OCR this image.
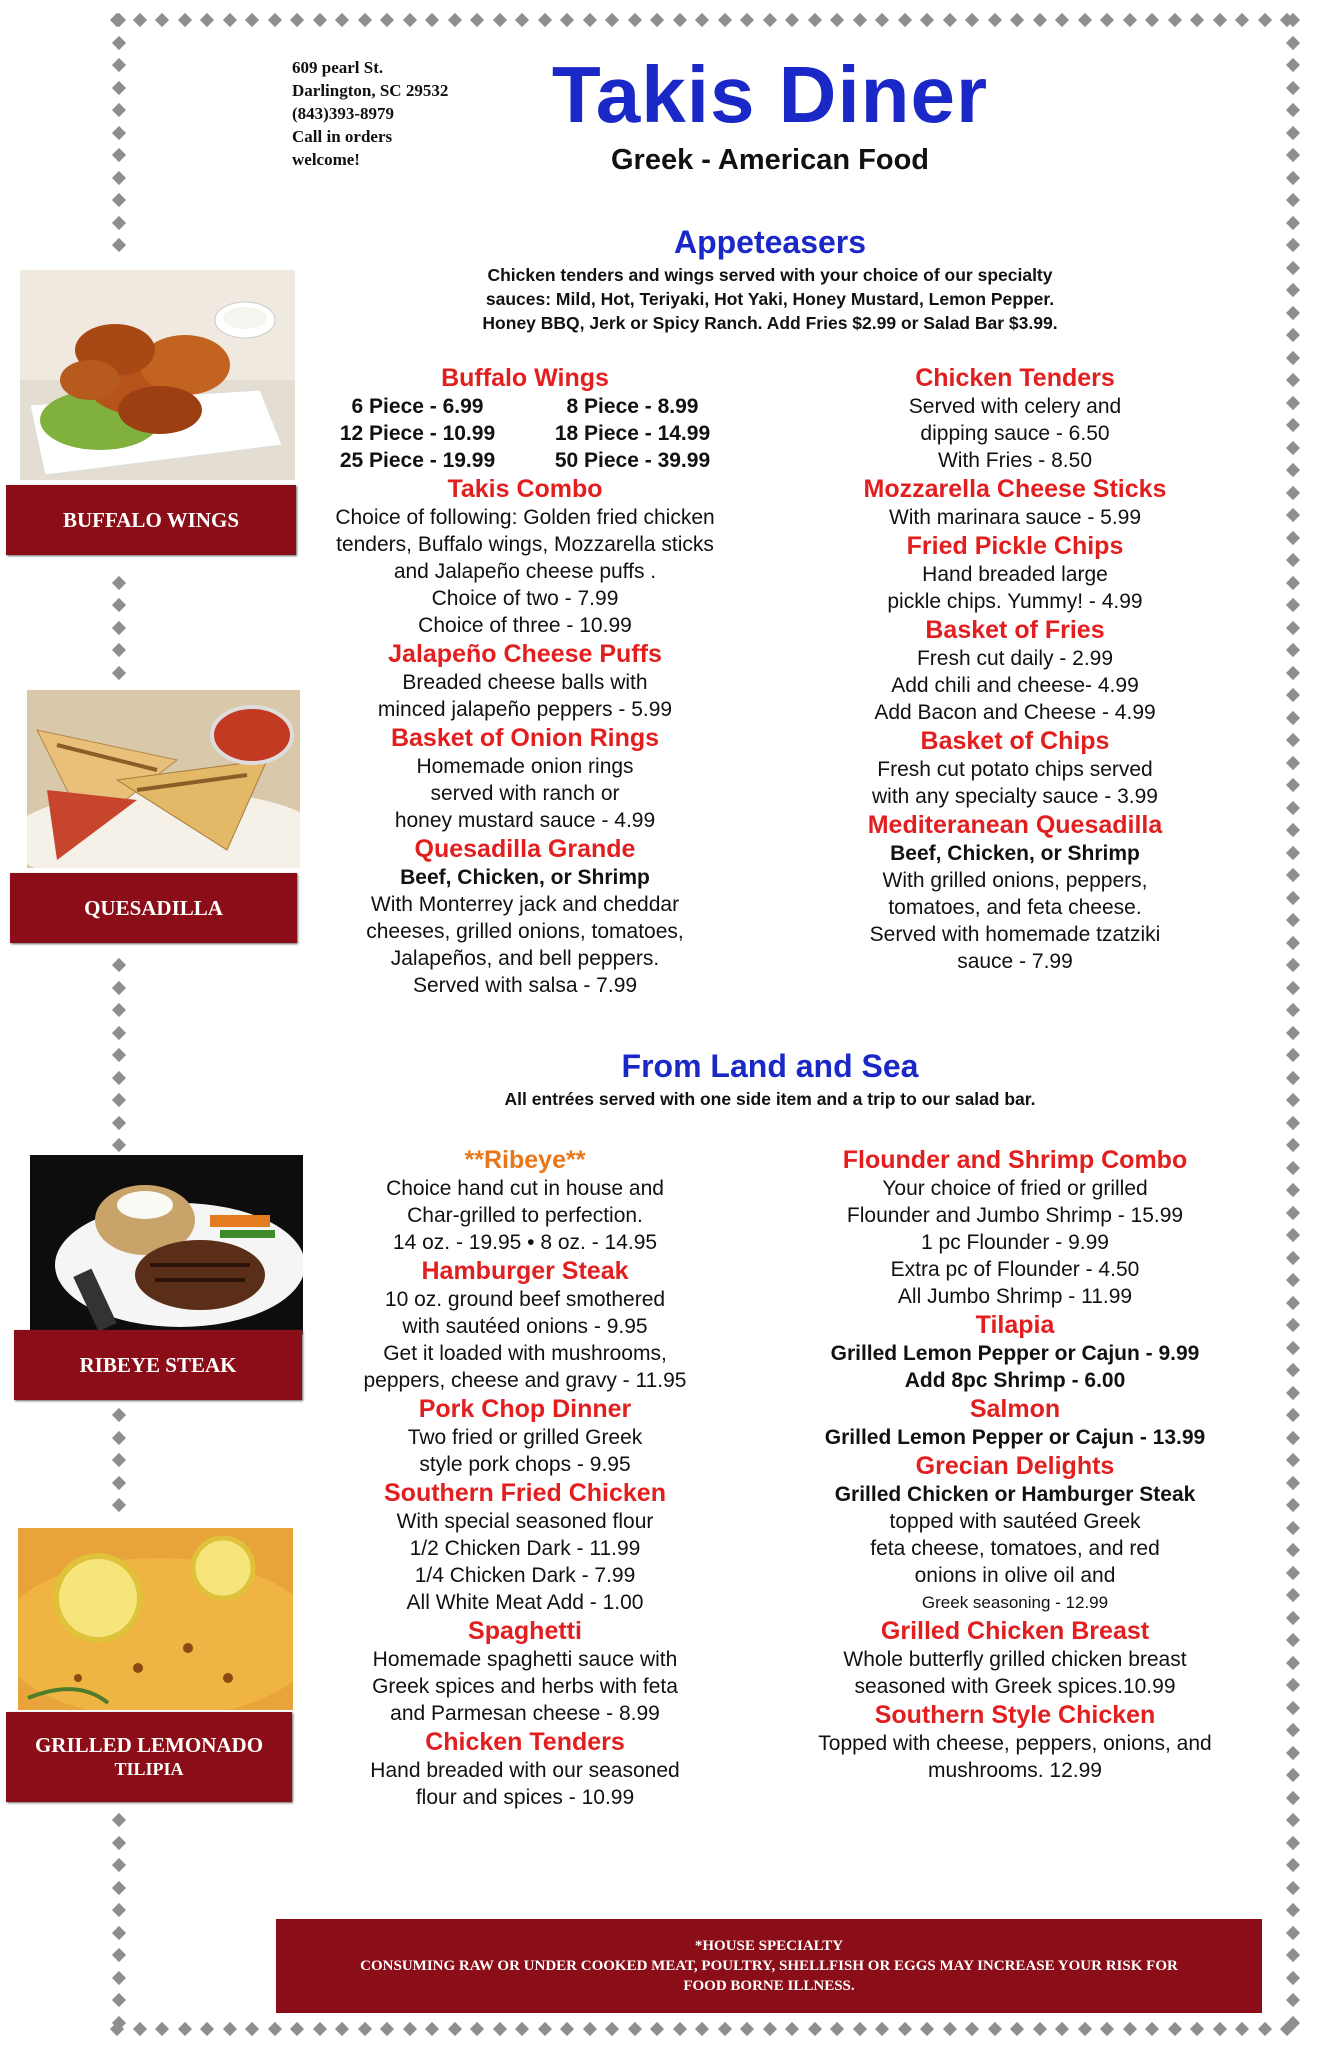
609 pearl St.
Darlington, SC 29532
(843)393-8979
Call in orders
welcome!
Takis Diner
Greek - American Food
Appeteasers
Chicken tenders and wings served with your choice of our specialty
sauces: Mild, Hot, Teriyaki, Hot Yaki, Honey Mustard, Lemon Pepper.
Honey BBQ, Jerk or Spicy Ranch. Add Fries $2.99 or Salad Bar $3.99.
Buffalo Wings
6 Piece - 6.99	8 Piece - 8.99
12 Piece - 10.99	18 Piece - 14.99
25 Piece - 19.99	50 Piece - 39.99
Takis Combo
Choice of following: Golden fried chicken
tenders, Buffalo wings, Mozzarella sticks
and Jalapeño cheese puffs .
Choice of two - 7.99
Choice of three - 10.99
Jalapeño Cheese Puffs
Breaded cheese balls with
minced jalapeño peppers - 5.99
Basket of Onion Rings
Homemade onion rings
served with ranch or
honey mustard sauce - 4.99
Quesadilla Grande
Beef, Chicken, or Shrimp
With Monterrey jack and cheddar
cheeses, grilled onions, tomatoes,
Jalapeños, and bell peppers.
Served with salsa - 7.99
Chicken Tenders
Served with celery and
dipping sauce - 6.50
With Fries - 8.50
Mozzarella Cheese Sticks
With marinara sauce - 5.99
Fried Pickle Chips
Hand breaded large
pickle chips. Yummy! - 4.99
Basket of Fries
Fresh cut daily - 2.99
Add chili and cheese- 4.99
Add Bacon and Cheese - 4.99
Basket of Chips
Fresh cut potato chips served
with any specialty sauce - 3.99
Mediteranean Quesadilla
Beef, Chicken, or Shrimp
With grilled onions, peppers,
tomatoes, and feta cheese.
Served with homemade tzatziki
sauce - 7.99
From Land and Sea
All entrées served with one side item and a trip to our salad bar.
**Ribeye**
Choice hand cut in house and
Char-grilled to perfection.
14 oz. - 19.95 • 8 oz. - 14.95
Hamburger Steak
10 oz. ground beef smothered
with sautéed onions - 9.95
Get it loaded with mushrooms,
peppers, cheese and gravy - 11.95
Pork Chop Dinner
Two fried or grilled Greek
style pork chops - 9.95
Southern Fried Chicken
With special seasoned flour
1/2 Chicken Dark - 11.99
1/4 Chicken Dark - 7.99
All White Meat Add - 1.00
Spaghetti
Homemade spaghetti sauce with
Greek spices and herbs with feta
and Parmesan cheese - 8.99
Chicken Tenders
Hand breaded with our seasoned
flour and spices - 10.99
Flounder and Shrimp Combo
Your choice of fried or grilled
Flounder and Jumbo Shrimp - 15.99
1 pc Flounder - 9.99
Extra pc of Flounder - 4.50
All Jumbo Shrimp - 11.99
Tilapia
Grilled Lemon Pepper or Cajun - 9.99
Add 8pc Shrimp - 6.00
Salmon
Grilled Lemon Pepper or Cajun - 13.99
Grecian Delights
Grilled Chicken or Hamburger Steak
topped with sautéed Greek
feta cheese, tomatoes, and red
onions in olive oil and
Greek seasoning - 12.99
Grilled Chicken Breast
Whole butterfly grilled chicken breast
seasoned with Greek spices.10.99
Southern Style Chicken
Topped with cheese, peppers, onions, and
mushrooms. 12.99
BUFFALO WINGS
QUESADILLA
RIBEYE STEAK
GRILLED LEMONADO
TILIPIA
*HOUSE SPECIALTY
CONSUMING RAW OR UNDER COOKED MEAT, POULTRY, SHELLFISH OR EGGS MAY INCREASE YOUR RISK FOR
FOOD BORNE ILLNESS.
